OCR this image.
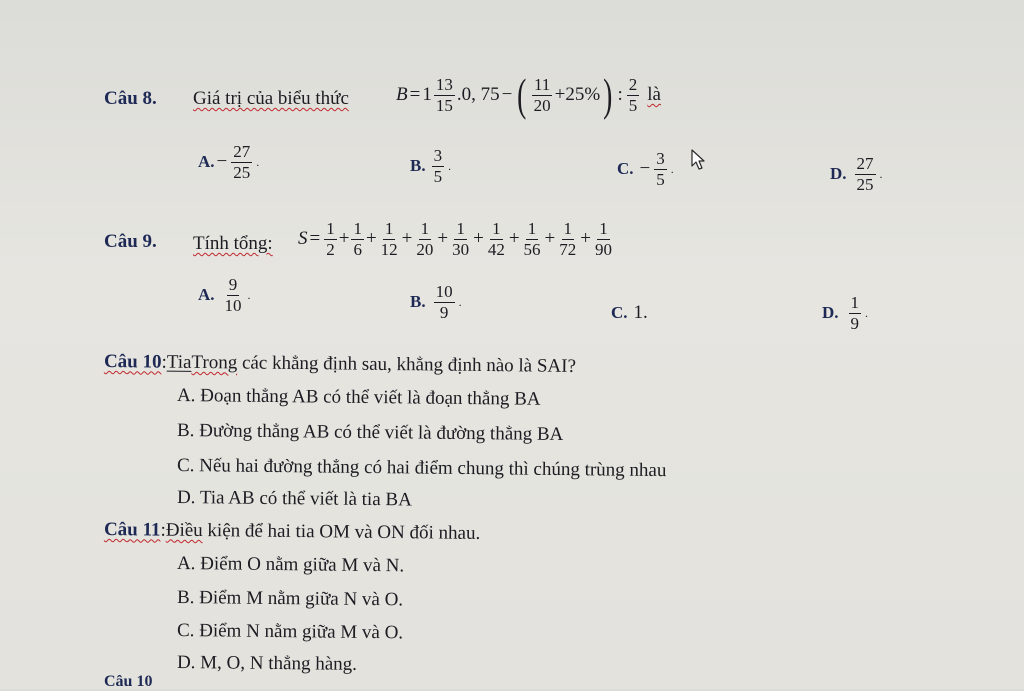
Câu 8. Giá trị của biểu thức $B = 1 \frac{13}{15} .0$, 75 − ( $\frac{11}{20} +25\%$ ) : $\frac{2}{5}$ là
A. − $\frac{27}{25}$ .	B. $\frac{3}{5}$ .	C. − $\frac{3}{5}$ .	D. $\frac{27}{25}$ .
Câu 9. Tính tổng: $S = \frac{1}{2} + \frac{1}{6} + \frac{1}{12} + \frac{1}{20} + \frac{1}{30} + \frac{1}{42} + \frac{1}{56} + \frac{1}{72} + \frac{1}{90}$
A. $\frac{9}{10}$ .	B. $\frac{10}{9}$ .
C. 1.	D. $\frac{1}{9}$ .
Câu 10:TiaTrong các khẳng định sau, khẳng định nào là SAI?
A. Đoạn thẳng AB có thể viết là đoạn thẳng BA
B. Đường thẳng AB có thể viết là đường thẳng BA
C. Nếu hai đường thẳng có hai điểm chung thì chúng trùng nhau
D. Tia AB có thể viết là tia BA
Câu 11:Điều kiện để hai tia OM và ON đối nhau.
A. Điểm O nằm giữa M và N.
B. Điểm M nằm giữa N và O.
C. Điểm N nằm giữa M và O.
D. M, O, N thẳng hàng.
Câu 10
